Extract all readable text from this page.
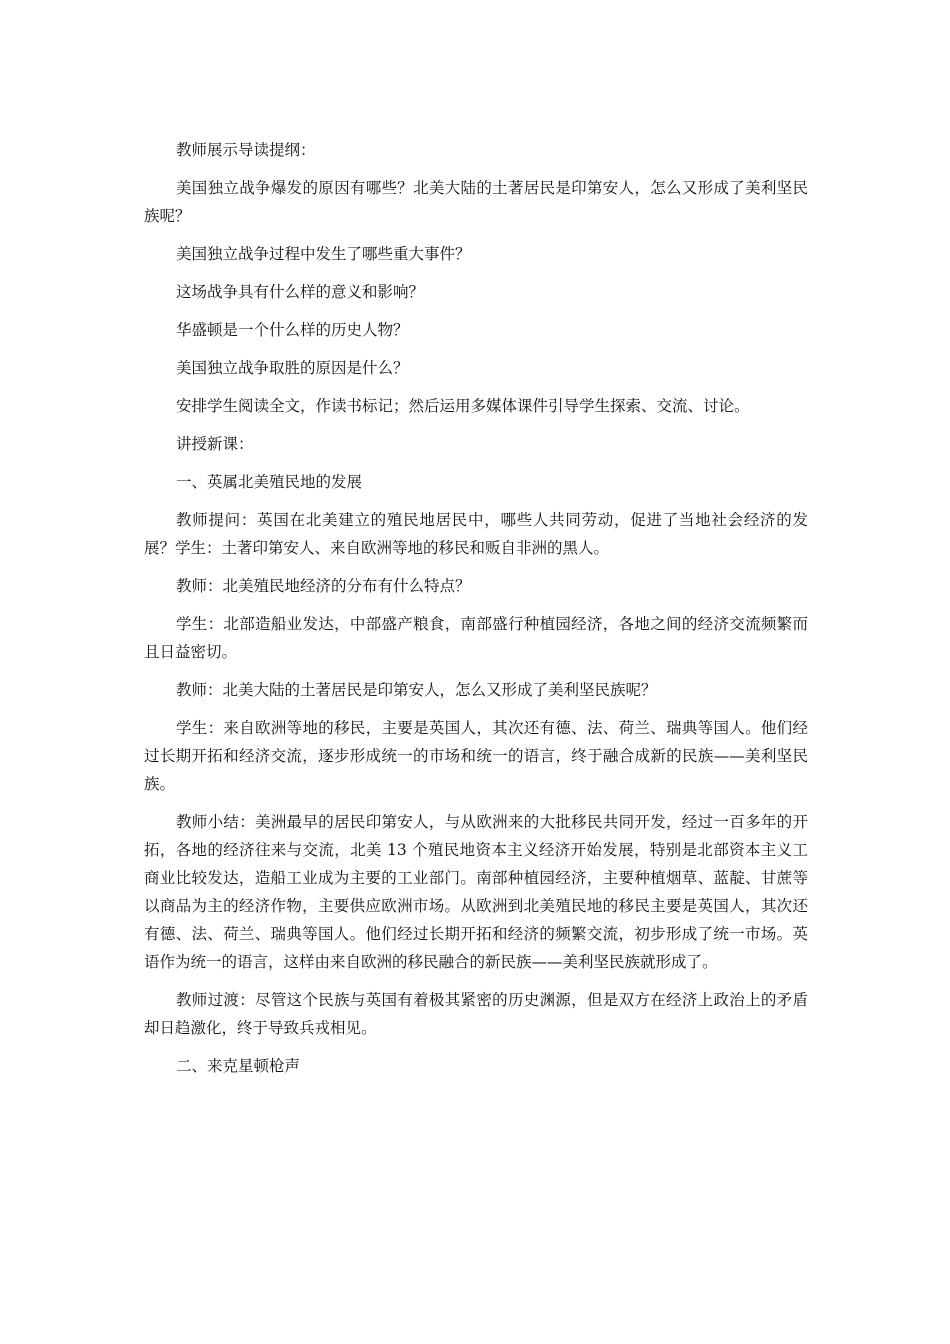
教师展示导读提纲：

美国独立战争爆发的原因有哪些？北美大陆的土著居民是印第安人，怎么又形成了美利坚民族呢？

美国独立战争过程中发生了哪些重大事件？

这场战争具有什么样的意义和影响？

华盛顿是一个什么样的历史人物？

美国独立战争取胜的原因是什么？

安排学生阅读全文，作读书标记；然后运用多媒体课件引导学生探索、交流、讨论。

讲授新课：

一、英属北美殖民地的发展

教师提问：英国在北美建立的殖民地居民中，哪些人共同劳动，促进了当地社会经济的发展？学生：土著印第安人、来自欧洲等地的移民和贩自非洲的黑人。

教师：北美殖民地经济的分布有什么特点？

学生：北部造船业发达，中部盛产粮食，南部盛行种植园经济，各地之间的经济交流频繁而且日益密切。

教师：北美大陆的土著居民是印第安人，怎么又形成了美利坚民族呢？

学生：来自欧洲等地的移民，主要是英国人，其次还有德、法、荷兰、瑞典等国人。他们经过长期开拓和经济交流，逐步形成统一的市场和统一的语言，终于融合成新的民族——美利坚民族。

教师小结：美洲最早的居民印第安人，与从欧洲来的大批移民共同开发，经过一百多年的开拓，各地的经济往来与交流，北美 13 个殖民地资本主义经济开始发展，特别是北部资本主义工商业比较发达，造船工业成为主要的工业部门。南部种植园经济，主要种植烟草、蓝靛、甘蔗等以商品为主的经济作物，主要供应欧洲市场。从欧洲到北美殖民地的移民主要是英国人，其次还有德、法、荷兰、瑞典等国人。他们经过长期开拓和经济的频繁交流，初步形成了统一市场。英语作为统一的语言，这样由来自欧洲的移民融合的新民族——美利坚民族就形成了。

教师过渡：尽管这个民族与英国有着极其紧密的历史渊源，但是双方在经济上政治上的矛盾却日趋激化，终于导致兵戎相见。

二、来克星顿枪声
